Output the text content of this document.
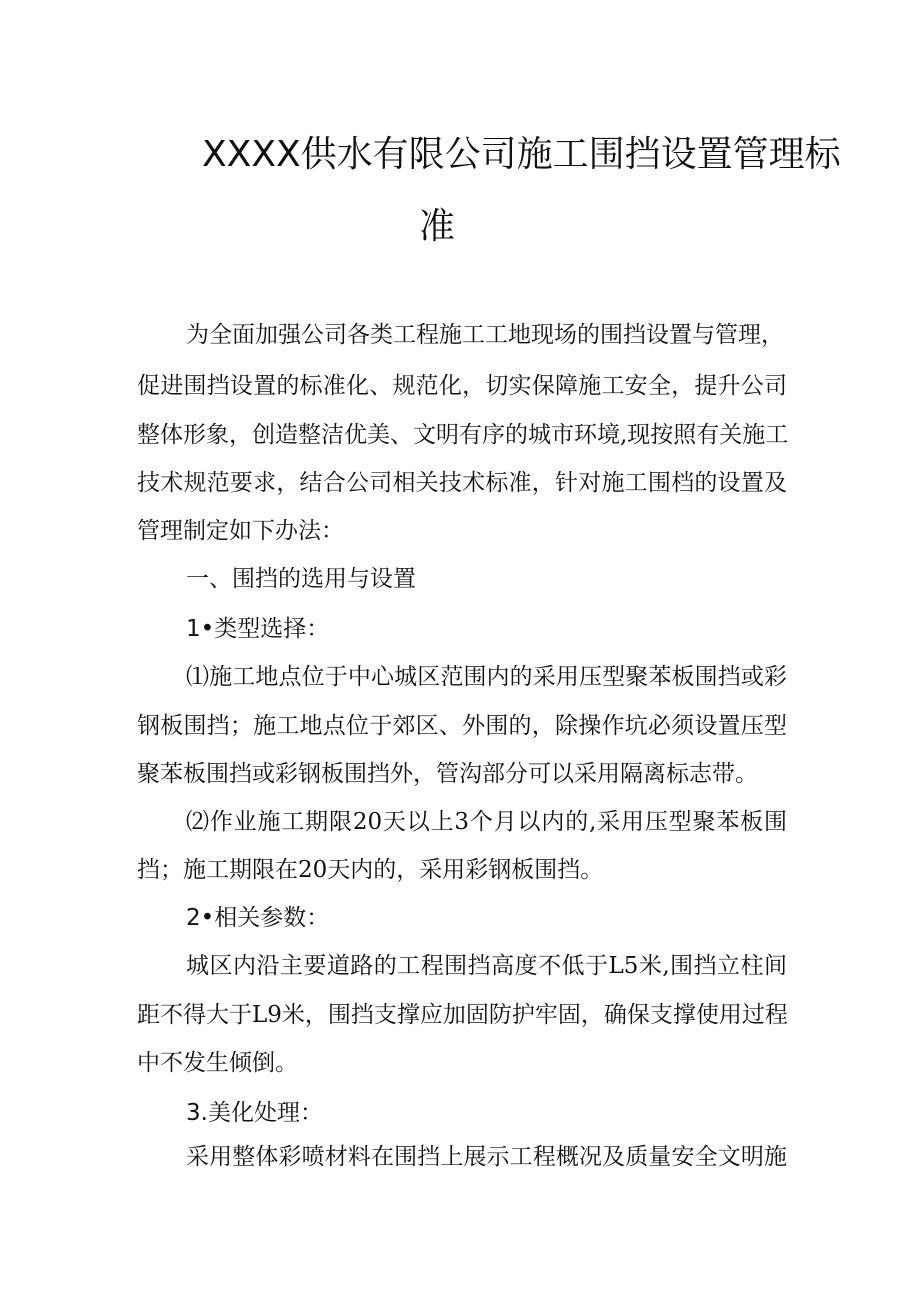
XXXX供水有限公司施工围挡设置管理标
准
为全面加强公司各类工程施工工地现场的围挡设置与管理，
促进围挡设置的标准化、规范化，切实保障施工安全，提升公司
整体形象，创造整洁优美、文明有序的城市环境,现按照有关施工
技术规范要求，结合公司相关技术标准，针对施工围档的设置及
管理制定如下办法：
一、围挡的选用与设置
1•类型选择：
⑴施工地点位于中心城区范围内的采用压型聚苯板围挡或彩
钢板围挡；施工地点位于郊区、外围的，除操作坑必须设置压型
聚苯板围挡或彩钢板围挡外，管沟部分可以采用隔离标志带。
⑵作业施工期限20天以上3个月以内的,采用压型聚苯板围
挡；施工期限在20天内的，采用彩钢板围挡。
2•相关参数：
城区内沿主要道路的工程围挡高度不低于L5米,围挡立柱间
距不得大于L9米，围挡支撑应加固防护牢固，确保支撑使用过程
中不发生倾倒。
3.美化处理：
采用整体彩喷材料在围挡上展示工程概况及质量安全文明施
